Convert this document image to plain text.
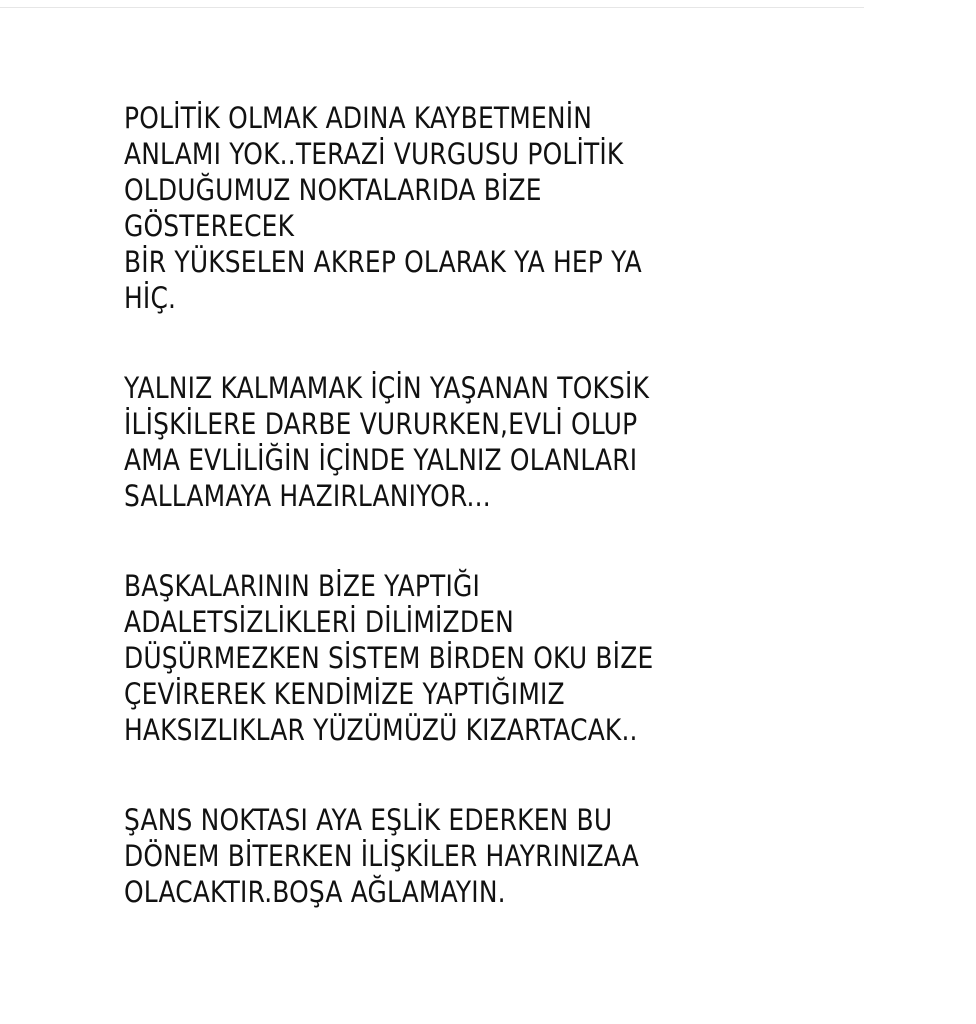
POLİTİK OLMAK ADINA KAYBETMENİN
ANLAMI YOK..TERAZİ VURGUSU POLİTİK
OLDUĞUMUZ NOKTALARIDA BİZE
GÖSTERECEK
BİR YÜKSELEN AKREP OLARAK YA HEP YA
HİÇ.
YALNIZ KALMAMAK İÇİN YAŞANAN TOKSİK
İLİŞKİLERE DARBE VURURKEN,EVLİ OLUP
AMA EVLİLİĞİN İÇİNDE YALNIZ OLANLARI
SALLAMAYA HAZIRLANIYOR...
BAŞKALARININ BİZE YAPTIĞI
ADALETSİZLİKLERİ DİLİMİZDEN
DÜŞÜRMEZKEN SİSTEM BİRDEN OKU BİZE
ÇEVİREREK KENDİMİZE YAPTIĞIMIZ
HAKSIZLIKLAR YÜZÜMÜZÜ KIZARTACAK..
ŞANS NOKTASI AYA EŞLİK EDERKEN BU
DÖNEM BİTERKEN İLİŞKİLER HAYRINIZAA
OLACAKTIR.BOŞA AĞLAMAYIN.
